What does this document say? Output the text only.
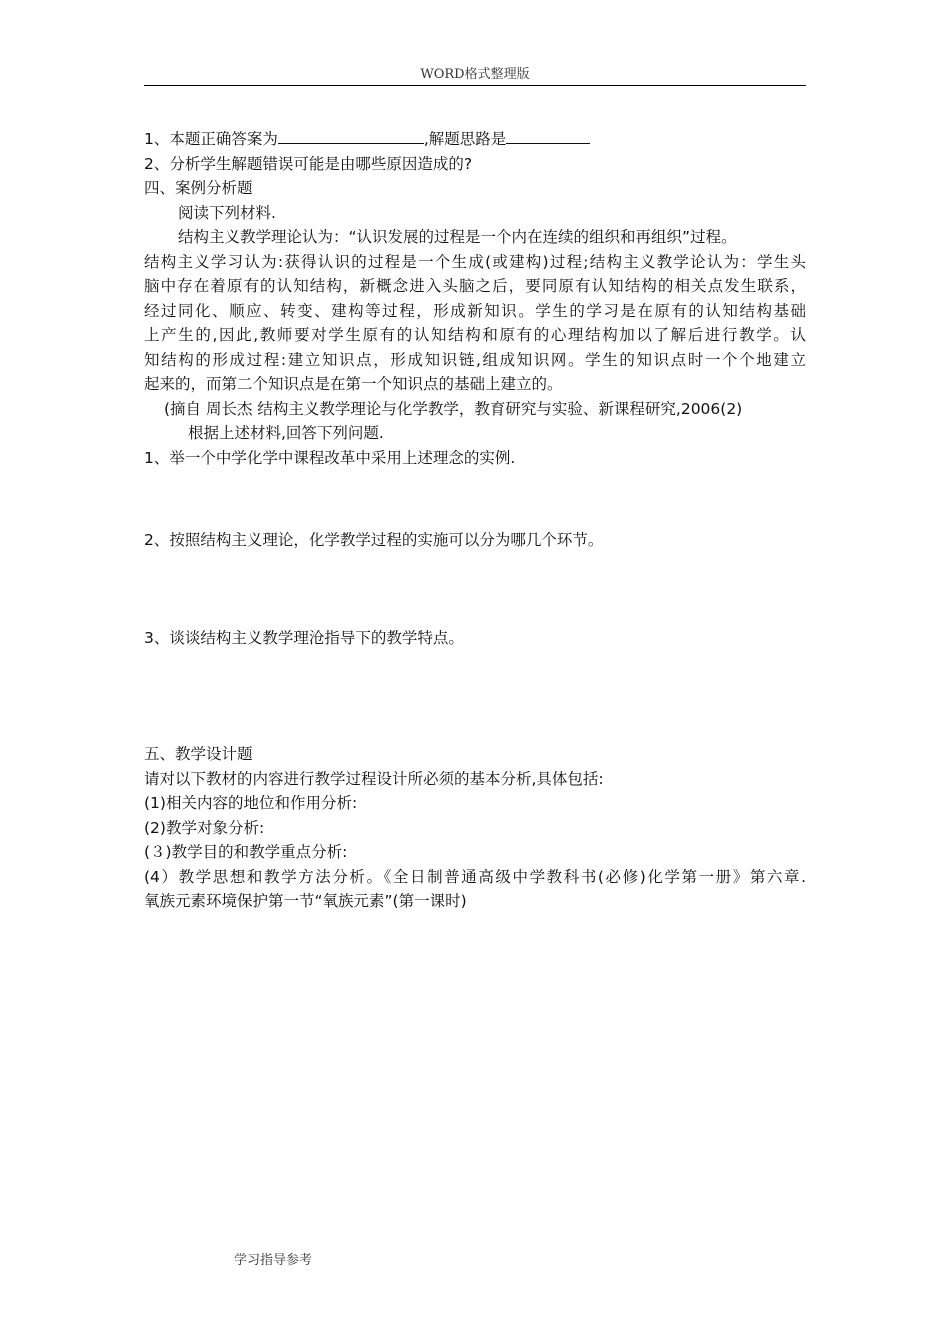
WORD格式整理版
1、本题正确答案为	,解题思路是
2、分析学生解题错误可能是由哪些原因造成的?
四、案例分析题
阅读下列材料.
结构主义教学理论认为：“认识发展的过程是一个内在连续的组织和再组织”过程。
结构主义学习认为:获得认识的过程是一个生成(或建构)过程;结构主义教学论认为：学生头
脑中存在着原有的认知结构，新概念进入头脑之后，要同原有认知结构的相关点发生联系，
经过同化、顺应、转变、建构等过程，形成新知识。学生的学习是在原有的认知结构基础
上产生的,因此,教师要对学生原有的认知结构和原有的心理结构加以了解后进行教学。认
知结构的形成过程:建立知识点，形成知识链,组成知识网。学生的知识点时一个个地建立
起来的，而第二个知识点是在第一个知识点的基础上建立的。
(摘自 周长杰 结构主义教学理论与化学教学，教育研究与实验、新课程研究,2006(2)
根据上述材料,回答下列问题.
1、举一个中学化学中课程改革中采用上述理念的实例.
2、按照结构主义理论，化学教学过程的实施可以分为哪几个环节。
3、谈谈结构主义教学理沧指导下的教学特点。
五、教学设计题
请对以下教材的内容进行教学过程设计所必须的基本分析,具体包括:
(1)相关内容的地位和作用分析:
(2)教学对象分析:
(３)教学目的和教学重点分析:
(4）教学思想和教学方法分析。《全日制普通高级中学教科书(必修)化学第一册》第六章.
氧族元素环境保护第一节“氧族元素”(第一课时)
学习指导参考
